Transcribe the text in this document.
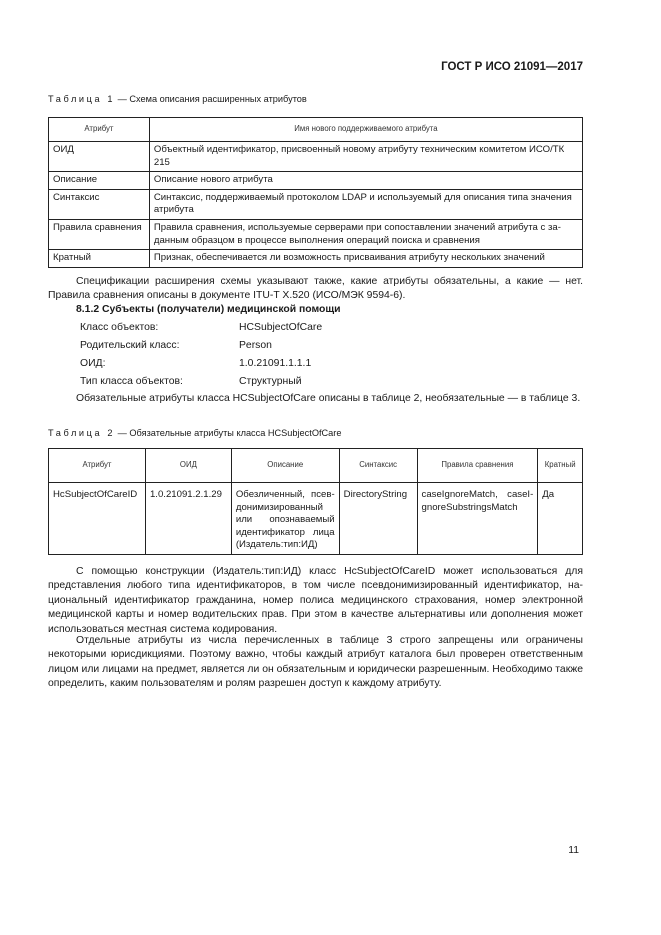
ГОСТ Р ИСО 21091—2017
Таблица 1 — Схема описания расширенных атрибутов
Атрибут	Имя нового поддерживаемого атрибута
ОИД	Объектный идентификатор, присвоенный новому атрибуту техническим комитетом ИСО/ТК 215
Описание	Описание нового атрибута
Синтаксис	Синтаксис, поддерживаемый протоколом LDAP и используемый для описания типа значения атрибута
Правила сравнения	Правила сравнения, используемые серверами при сопоставлении значений атрибута с заданным образцом в процессе выполнения операций поиска и сравнения
Кратный	Признак, обеспечивается ли возможность присваивания атрибуту нескольких значений

Спецификации расширения схемы указывают также, какие атрибуты обязательны, а какие — нет. Правила сравнения описаны в документе ITU-T X.520 (ИСО/МЭК 9594-6).

8.1.2 Субъекты (получатели) медицинской помощи
Класс объектов:	HCSubjectOfCare
Родительский класс:	Person
ОИД:	1.0.21091.1.1.1
Тип класса объектов:	Структурный

Обязательные атрибуты класса HCSubjectOfCare описаны в таблице 2, необязательные — в таблице 3.

Таблица 2 — Обязательные атрибуты класса HCSubjectOfCare
Атрибут	ОИД	Описание	Синтаксис	Правила сравнения	Кратный
HcSubjectOfCareID	1.0.21091.2.1.29	Обезличенный, псевдонимизированный или опознаваемый идентификатор лица (Издатель:тип:ИД)	DirectoryString	caseIgnoreMatch, caseIgnoreSubstringsMatch	Да

С помощью конструкции (Издатель:тип:ИД) класс HcSubjectOfCareID может использоваться для представления любого типа идентификаторов, в том числе псевдонимизированный идентификатор, национальный идентификатор гражданина, номер полиса медицинского страхования, номер электронной медицинской карты и номер водительских прав. При этом в качестве альтернативы или дополнения может использоваться местная система кодирования.

Отдельные атрибуты из числа перечисленных в таблице 3 строго запрещены или ограничены некоторыми юрисдикциями. Поэтому важно, чтобы каждый атрибут каталога был проверен ответственным лицом или лицами на предмет, является ли он обязательным и юридически разрешенным. Необходимо также определить, каким пользователям и ролям разрешен доступ к каждому атрибуту.

11
